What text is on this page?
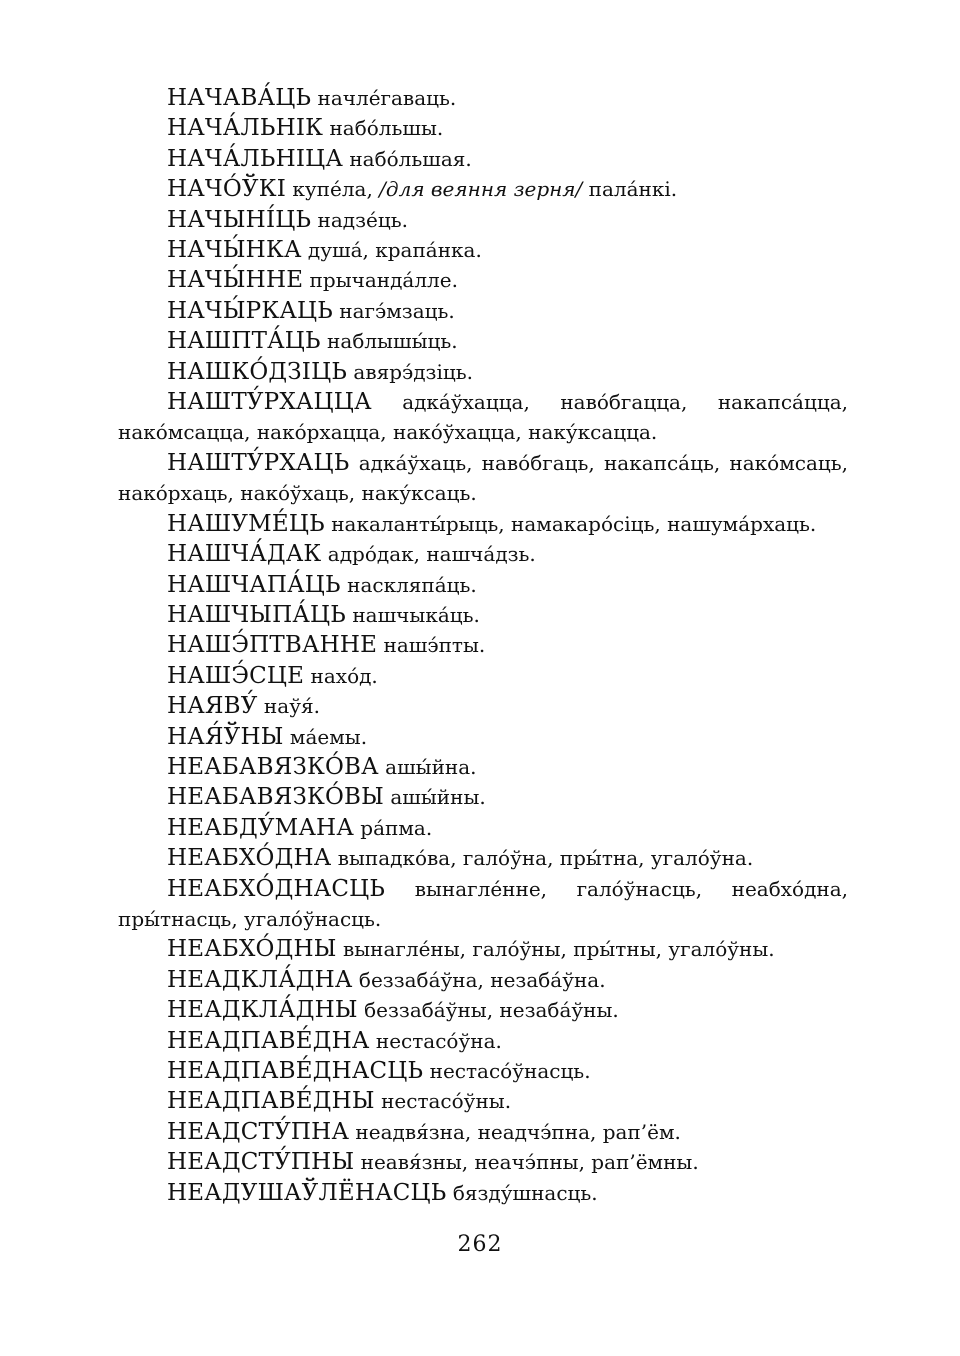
НАЧАВА́ЦЬ начле́гаваць.

НАЧА́ЛЬНІК набо́льшы.

НАЧА́ЛЬНІЦА набо́льшая.

НАЧО́ЎКІ купе́ла, /для веяння зерня/ пала́нкі.

НАЧЫНІ́ЦЬ надзе́ць.

НАЧЫ́НКА душа́, крапа́нка.

НАЧЫ́ННЕ прычанда́лле.

НАЧЫ́РКАЦЬ нагэ́мзаць.

НАШПТА́ЦЬ наблышы́ць.

НАШКО́ДЗІЦЬ авярэ́дзіць.

НАШТУ́РХАЦЦА адка́ўхацца, наво́бгацца, накапса́цца, нако́мсацца, нако́рхацца, нако́ўхацца, наку́ксацца.

НАШТУ́РХАЦЬ адка́ўхаць, наво́бгаць, накапса́ць, нако́мсаць, нако́рхаць, нако́ўхаць, наку́ксаць.

НАШУМЕ́ЦЬ накаланты́рыць, намакаро́сіць, нашума́рхаць.

НАШЧА́ДАК адро́дак, нашча́дзь.

НАШЧАПА́ЦЬ наскляпа́ць.

НАШЧЫПА́ЦЬ нашчыка́ць.

НАШЭ́ПТВАННЕ нашэ́пты.

НАШЭ́СЦЕ нахо́д.

НАЯВУ́ наўя́.

НАЯ́ЎНЫ ма́емы.

НЕАБАВЯЗКО́ВА ашы́йна.

НЕАБАВЯЗКО́ВЫ ашы́йны.

НЕАБДУ́МАНА ра́пма.

НЕАБХО́ДНА выпадко́ва, гало́ўна, пры́тна, угало́ўна.

НЕАБХО́ДНАСЦЬ вынагле́нне, гало́ўнасць, неабхо́дна, пры́тнасць, угало́ўнасць.

НЕАБХО́ДНЫ вынагле́ны, гало́ўны, пры́тны, угало́ўны.

НЕАДКЛА́ДНА беззаба́ўна, незаба́ўна.

НЕАДКЛА́ДНЫ беззаба́ўны, незаба́ўны.

НЕАДПАВЕ́ДНА нестасо́ўна.

НЕАДПАВЕ́ДНАСЦЬ нестасо́ўнасць.

НЕАДПАВЕ́ДНЫ нестасо́ўны.

НЕАДСТУ́ПНА неадвя́зна, неадчэ́пна, рап’ём.

НЕАДСТУ́ПНЫ неавя́зны, неачэ́пны, рап’ёмны.

НЕАДУШАЎЛЁНАСЦЬ бязду́шнасць.

262
